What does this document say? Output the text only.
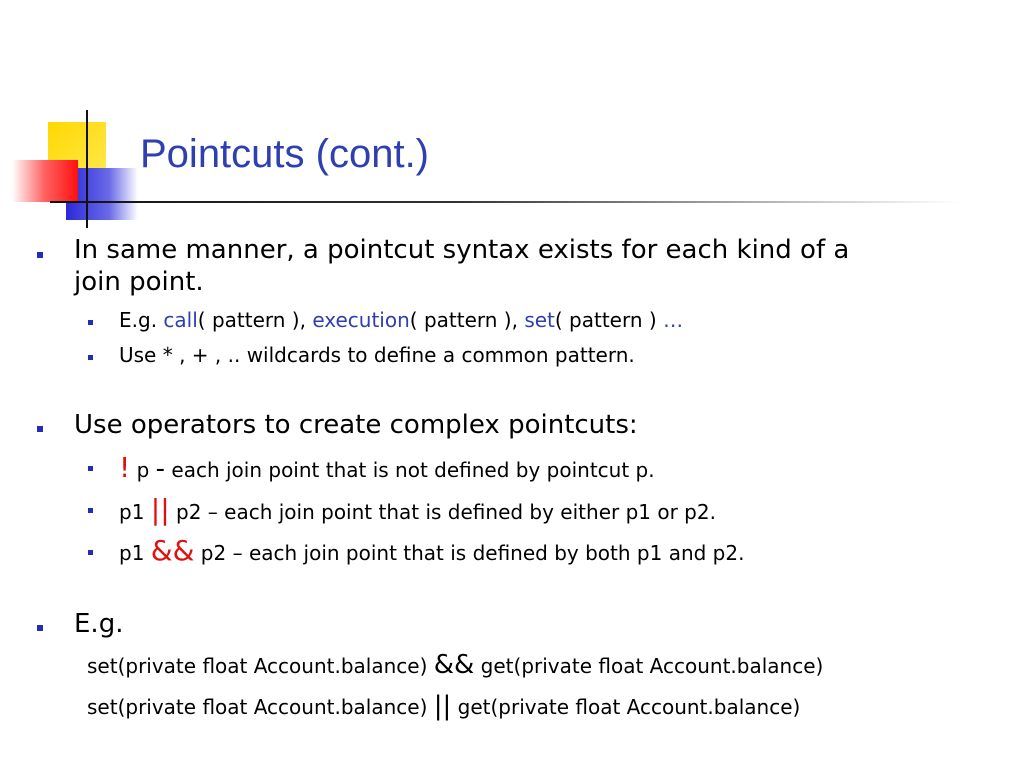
Pointcuts (cont.)
In same manner, a pointcut syntax exists for each kind of a
join point.
E.g. call( pattern ), execution( pattern ), set( pattern ) …
Use * , + , .. wildcards to define a common pattern.
Use operators to create complex pointcuts:
! p - each join point that is not defined by pointcut p.
p1 || p2 – each join point that is defined by either p1 or p2.
p1 && p2 – each join point that is defined by both p1 and p2.
E.g.
set(private float Account.balance) && get(private float Account.balance)
set(private float Account.balance) || get(private float Account.balance)
